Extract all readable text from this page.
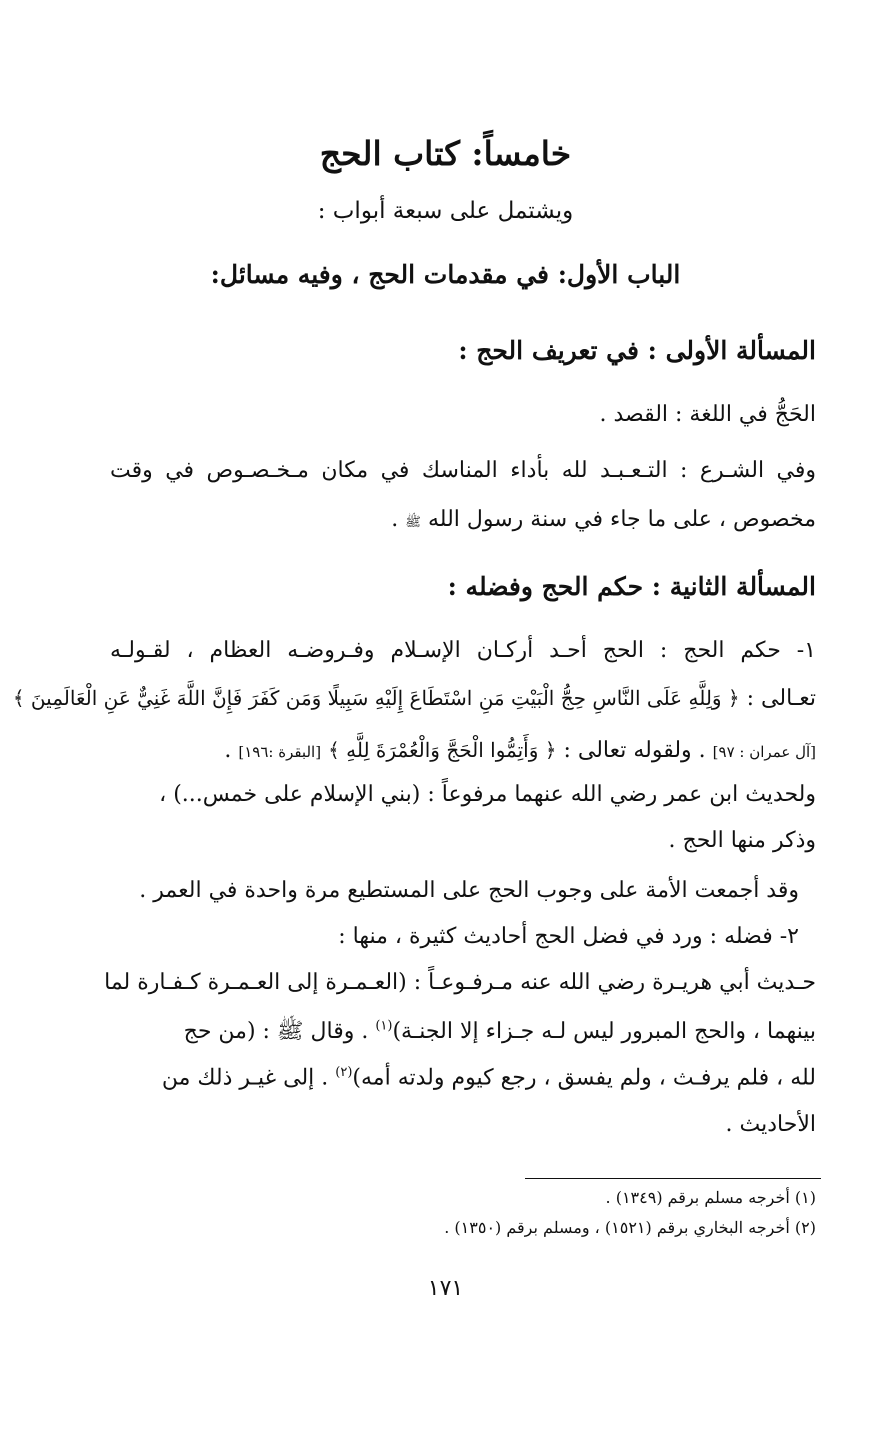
خامساً: كتاب الحج
ويشتمل على سبعة أبواب :
الباب الأول: في مقدمات الحج ، وفيه مسائل:
المسألة الأولى : في تعريف الحج :
الحَجُّ في اللغة : القصد .
وفي الشـرع : التـعـبـد لله بأداء المناسك في مكان مـخـصـوص في وقت
مخصوص ، على ما جاء في سنة رسول الله ﷺ .
المسألة الثانية : حكم الحج وفضله :
١- حكم الحج : الحج أحـد أركـان الإسـلام وفـروضـه العظام ، لقـولـه
تعـالى : ﴿ وَلِلَّهِ عَلَى النَّاسِ حِجُّ الْبَيْتِ مَنِ اسْتَطَاعَ إِلَيْهِ سَبِيلًا وَمَن كَفَرَ فَإِنَّ اللَّهَ غَنِيٌّ عَنِ الْعَالَمِينَ ﴾
[آل عمران : ٩٧] . ولقوله تعالى : ﴿ وَأَتِمُّوا الْحَجَّ وَالْعُمْرَةَ لِلَّهِ ﴾ [البقرة :١٩٦] .
ولحديث ابن عمر رضي الله عنهما مرفوعاً : (بني الإسلام على خمس...) ،
وذكر منها الحج .
وقد أجمعت الأمة على وجوب الحج على المستطيع مرة واحدة في العمر .
٢- فضله : ورد في فضل الحج أحاديث كثيرة ، منها :
حـديث أبي هريـرة رضي الله عنه مـرفـوعـاً : (العـمـرة إلى العـمـرة كـفـارة لما
بينهما ، والحج المبرور ليس لـه جـزاء إلا الجنـة)$^{(١)}$ . وقال ﷺ : (من حج
لله ، فلم يرفـث ، ولم يفسق ، رجع كيوم ولدته أمه)$^{(٢)}$ . إلى غيـر ذلك من
الأحاديث .
(١) أخرجه مسلم برقم (١٣٤٩) .
(٢) أخرجه البخاري برقم (١٥٢١) ، ومسلم برقم (١٣٥٠) .
١٧١
